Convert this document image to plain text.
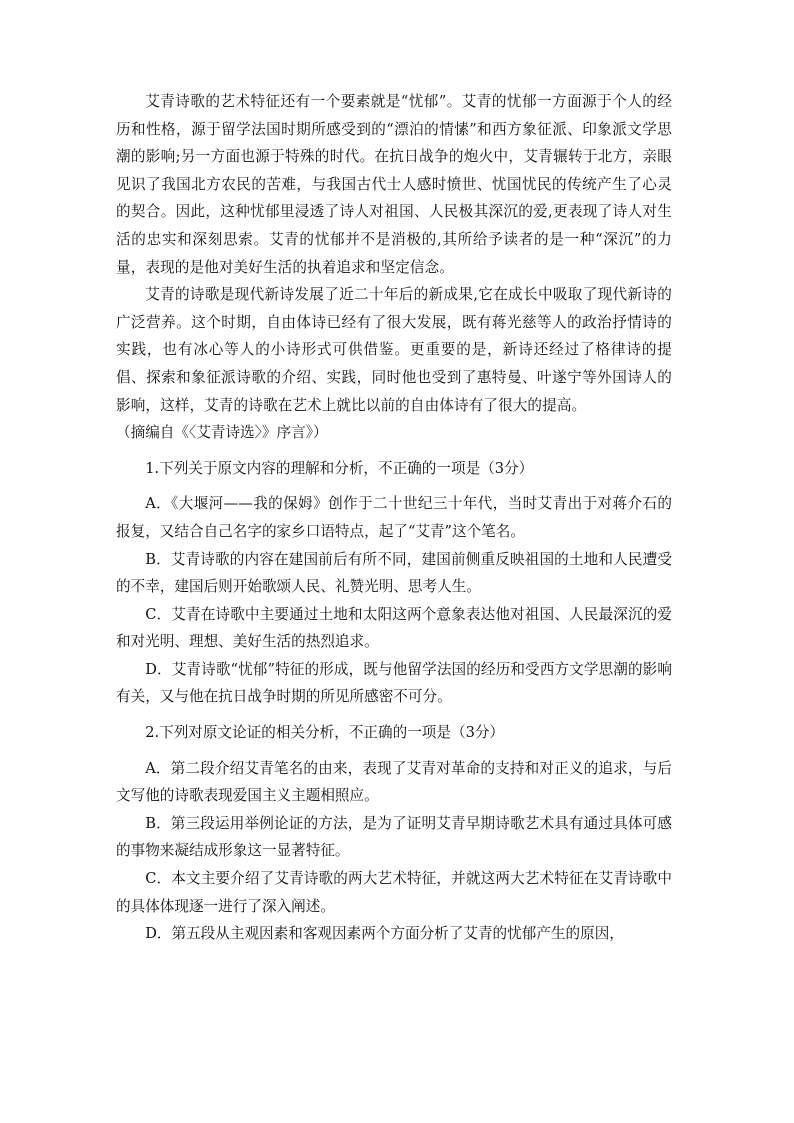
艾青诗歌的艺术特征还有一个要素就是“忧郁”。艾青的忧郁一方面源于个人的经历和性格，源于留学法国时期所感受到的“漂泊的情愫”和西方象征派、印象派文学思潮的影响;另一方面也源于特殊的时代。在抗日战争的炮火中，艾青辗转于北方，亲眼见识了我国北方农民的苦难，与我国古代士人感时愤世、忧国忧民的传统产生了心灵的契合。因此，这种忧郁里浸透了诗人对祖国、人民极其深沉的爱,更表现了诗人对生活的忠实和深刻思索。艾青的忧郁并不是消极的,其所给予读者的是一种“深沉”的力量，表现的是他对美好生活的执着追求和坚定信念。

艾青的诗歌是现代新诗发展了近二十年后的新成果,它在成长中吸取了现代新诗的广泛营养。这个时期，自由体诗已经有了很大发展，既有蒋光慈等人的政治抒情诗的实践，也有冰心等人的小诗形式可供借鉴。更重要的是，新诗还经过了格律诗的提倡、探索和象征派诗歌的介绍、实践，同时他也受到了惠特曼、叶遂宁等外国诗人的影响，这样，艾青的诗歌在艺术上就比以前的自由体诗有了很大的提高。

（摘编自《〈艾青诗选〉》序言》）

1.下列关于原文内容的理解和分析，不正确的一项是（3分）

A．《大堰河——我的保姆》创作于二十世纪三十年代，当时艾青出于对蒋介石的报复，又结合自己名字的家乡口语特点，起了“艾青”这个笔名。

B．艾青诗歌的内容在建国前后有所不同，建国前侧重反映祖国的土地和人民遭受的不幸，建国后则开始歌颂人民、礼赞光明、思考人生。

C．艾青在诗歌中主要通过土地和太阳这两个意象表达他对祖国、人民最深沉的爱和对光明、理想、美好生活的热烈追求。

D．艾青诗歌“忧郁”特征的形成，既与他留学法国的经历和受西方文学思潮的影响有关，又与他在抗日战争时期的所见所感密不可分。

2.下列对原文论证的相关分析，不正确的一项是（3分）

A．第二段介绍艾青笔名的由来，表现了艾青对革命的支持和对正义的追求，与后文写他的诗歌表现爱国主义主题相照应。

B．第三段运用举例论证的方法，是为了证明艾青早期诗歌艺术具有通过具体可感的事物来凝结成形象这一显著特征。

C．本文主要介绍了艾青诗歌的两大艺术特征，并就这两大艺术特征在艾青诗歌中的具体体现逐一进行了深入阐述。

D．第五段从主观因素和客观因素两个方面分析了艾青的忧郁产生的原因，
